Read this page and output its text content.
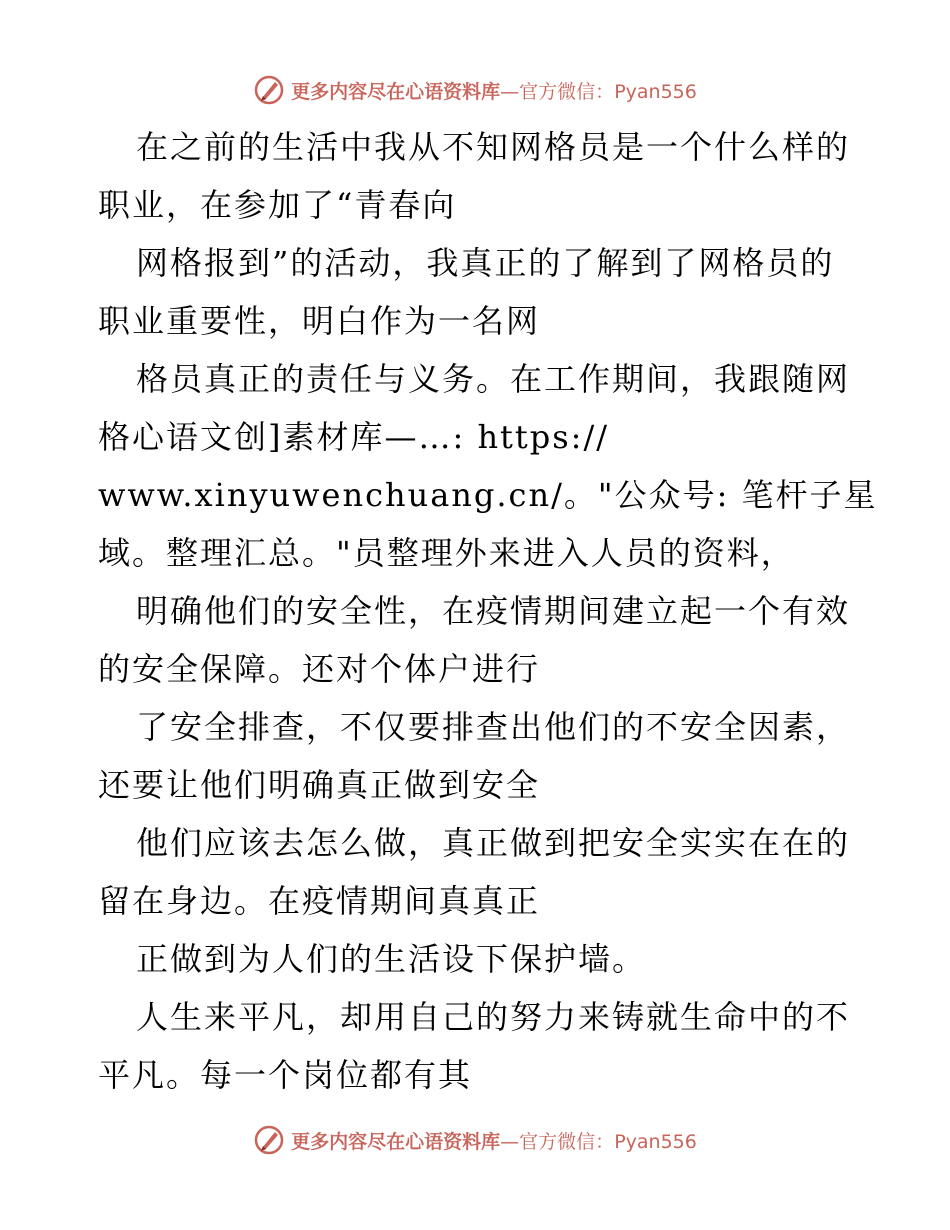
更多内容尽在心语资料库—官方微信：Pyan556
在之前的生活中我从不知网格员是一个什么样的
职业，在参加了“青春向
网格报到”的活动，我真正的了解到了网格员的
职业重要性，明白作为一名网
格员真正的责任与义务。在工作期间，我跟随网
格心语文创]素材库—…: https://
www.xinyuwenchuang.cn/。"公众号: 笔杆子星
域。整理汇总。"员整理外来进入人员的资料，
明确他们的安全性，在疫情期间建立起一个有效
的安全保障。还对个体户进行
了安全排查，不仅要排查出他们的不安全因素，
还要让他们明确真正做到安全
他们应该去怎么做，真正做到把安全实实在在的
留在身边。在疫情期间真真正
正做到为人们的生活设下保护墙。
人生来平凡，却用自己的努力来铸就生命中的不
平凡。每一个岗位都有其
更多内容尽在心语资料库—官方微信：Pyan556
